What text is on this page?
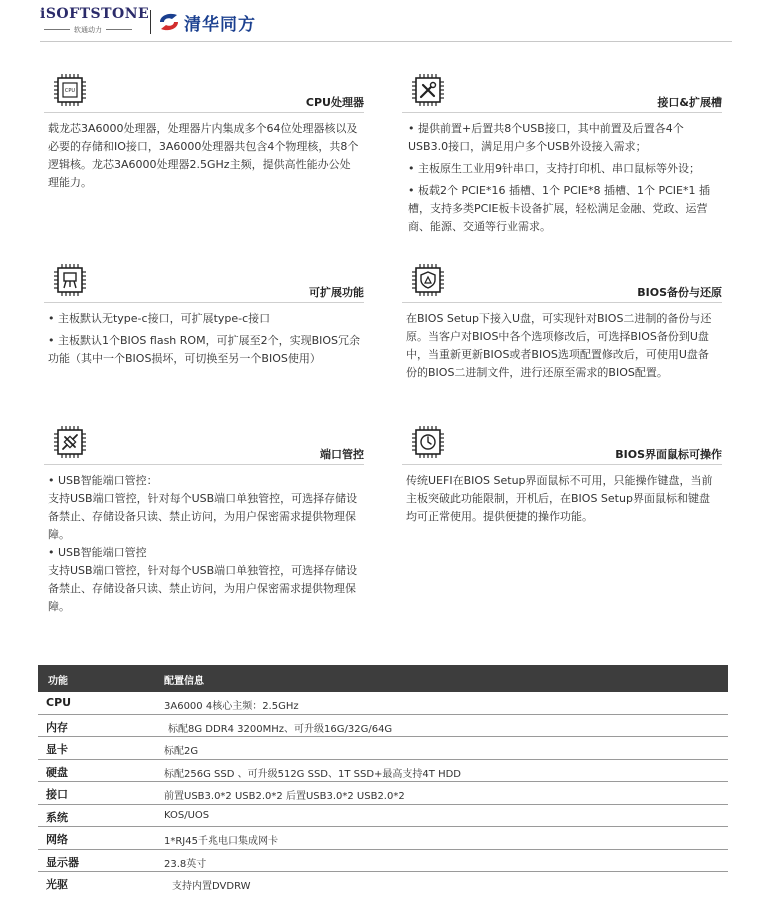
iSOFTSTONE
软通动力	清华同方
CPU
CPU处理器

载龙芯3A6000处理器，处理器片内集成多个64位处理器核以及必要的存储和IO接口，3A6000处理器共包含4个物理核，共8个逻辑核。龙芯3A6000处理器2.5GHz主频，提供高性能办公处理能力。

接口&扩展槽

• 提供前置+后置共8个USB接口，其中前置及后置各4个USB3.0接口，满足用户多个USB外设接入需求；

• 主板原生工业用9针串口，支持打印机、串口鼠标等外设；

• 板载2个 PCIE*16 插槽、1个 PCIE*8 插槽、1个 PCIE*1 插槽，支持多类PCIE板卡设备扩展，轻松满足金融、党政、运营商、能源、交通等行业需求。

可扩展功能

• 主板默认无type-c接口，可扩展type-c接口

• 主板默认1个BIOS flash ROM，可扩展至2个，实现BIOS冗余功能（其中一个BIOS损坏，可切换至另一个BIOS使用）

BIOS备份与还原

在BIOS Setup下接入U盘，可实现针对BIOS二进制的备份与还原。当客户对BIOS中各个选项修改后，可选择BIOS备份到U盘中，当重新更新BIOS或者BIOS选项配置修改后，可使用U盘备份的BIOS二进制文件，进行还原至需求的BIOS配置。

端口管控

• USB智能端口管控：

支持USB端口管控，针对每个USB端口单独管控，可选择存储设备禁止、存储设备只读、禁止访问，为用户保密需求提供物理保障。

• USB智能端口管控

支持USB端口管控，针对每个USB端口单独管控，可选择存储设备禁止、存储设备只读、禁止访问，为用户保密需求提供物理保障。

BIOS界面鼠标可操作

传统UEFI在BIOS Setup界面鼠标不可用，只能操作键盘，当前主板突破此功能限制，开机后，在BIOS Setup界面鼠标和键盘均可正常使用。提供便捷的操作功能。

功能	配置信息
CPU	3A6000 4核心主频：2.5GHz
内存	标配8G DDR4 3200MHz、可升级16G/32G/64G
显卡	标配2G
硬盘	标配256G SSD 、可升级512G SSD、1T SSD+最高支持4T HDD
接口	前置USB3.0*2 USB2.0*2 后置USB3.0*2 USB2.0*2
系统	KOS/UOS
网络	1*RJ45千兆电口集成网卡
显示器	23.8英寸
光驱	支持内置DVDRW
